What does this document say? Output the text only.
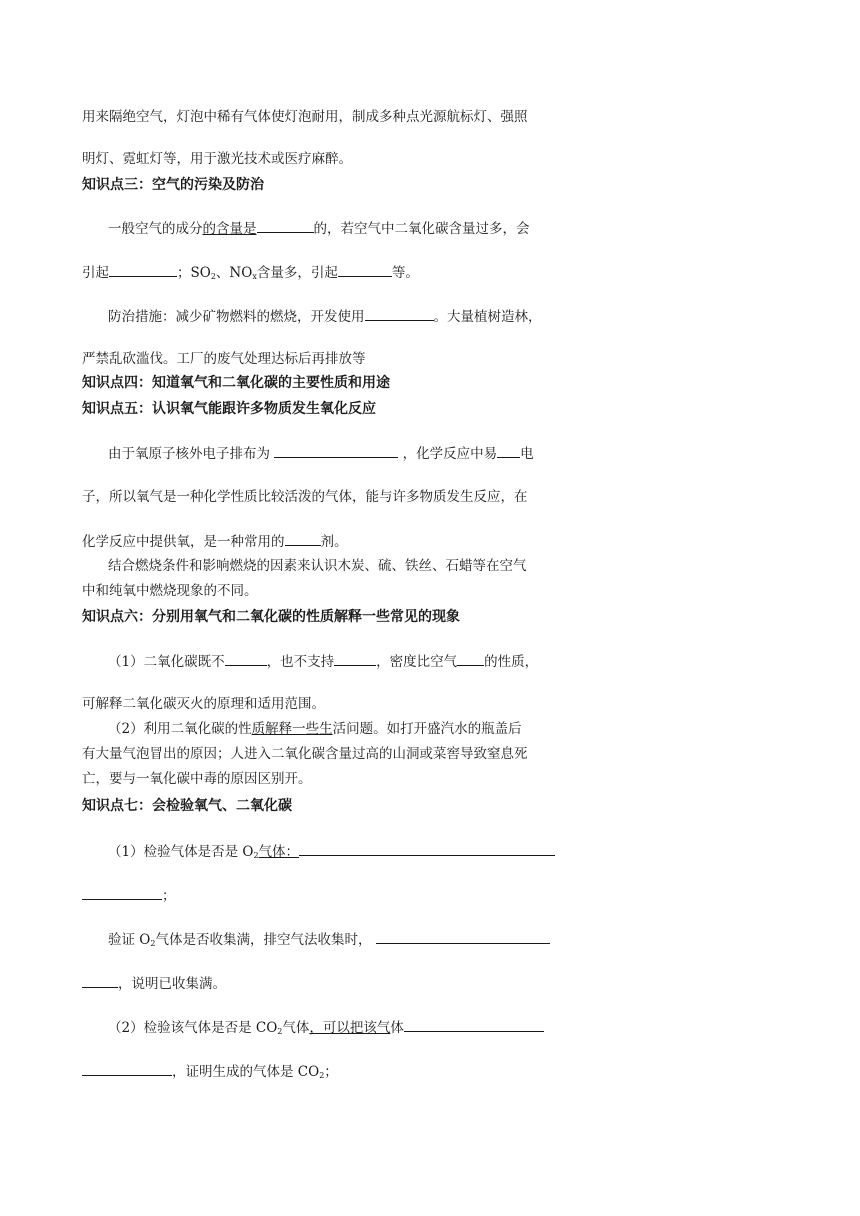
用来隔绝空气，灯泡中稀有气体使灯泡耐用，制成多种点光源航标灯、强照
明灯、霓虹灯等，用于激光技术或医疗麻醉。
知识点三：空气的污染及防治
一般空气的成分的含量是	的，若空气中二氧化碳含量过多，会
引起	；$SO_2$、$NO_x$含量多，引起	等。
防治措施：减少矿物燃料的燃烧，开发使用	。大量植树造林，
严禁乱砍滥伐。工厂的废气处理达标后再排放等
知识点四：知道氧气和二氧化碳的主要性质和用途
知识点五：认识氧气能跟许多物质发生氧化反应
由于氧原子核外电子排布为	，化学反应中易 电
子，所以氧气是一种化学性质比较活泼的气体，能与许多物质发生反应，在
化学反应中提供氧，是一种常用的	剂。
结合燃烧条件和影响燃烧的因素来认识木炭、硫、铁丝、石蜡等在空气
中和纯氧中燃烧现象的不同。
知识点六：分别用氧气和二氧化碳的性质解释一些常见的现象
（1）二氧化碳既不	，也不支持	，密度比空气 的性质，
可解释二氧化碳灭火的原理和适用范围。
（2）利用二氧化碳的性质解释一些生活问题。如打开盛汽水的瓶盖后
有大量气泡冒出的原因；人进入二氧化碳含量过高的山洞或菜窖导致窒息死
亡，要与一氧化碳中毒的原因区别开。
知识点七：会检验氧气、二氧化碳
（1）检验气体是否是 $O_2$气体：
；
验证 $O_2$气体是否收集满，排空气法收集时，
，说明已收集满。
（2）检验该气体是否是 $CO_2$气体，可以把该气体
，证明生成的气体是 $CO_2$；
